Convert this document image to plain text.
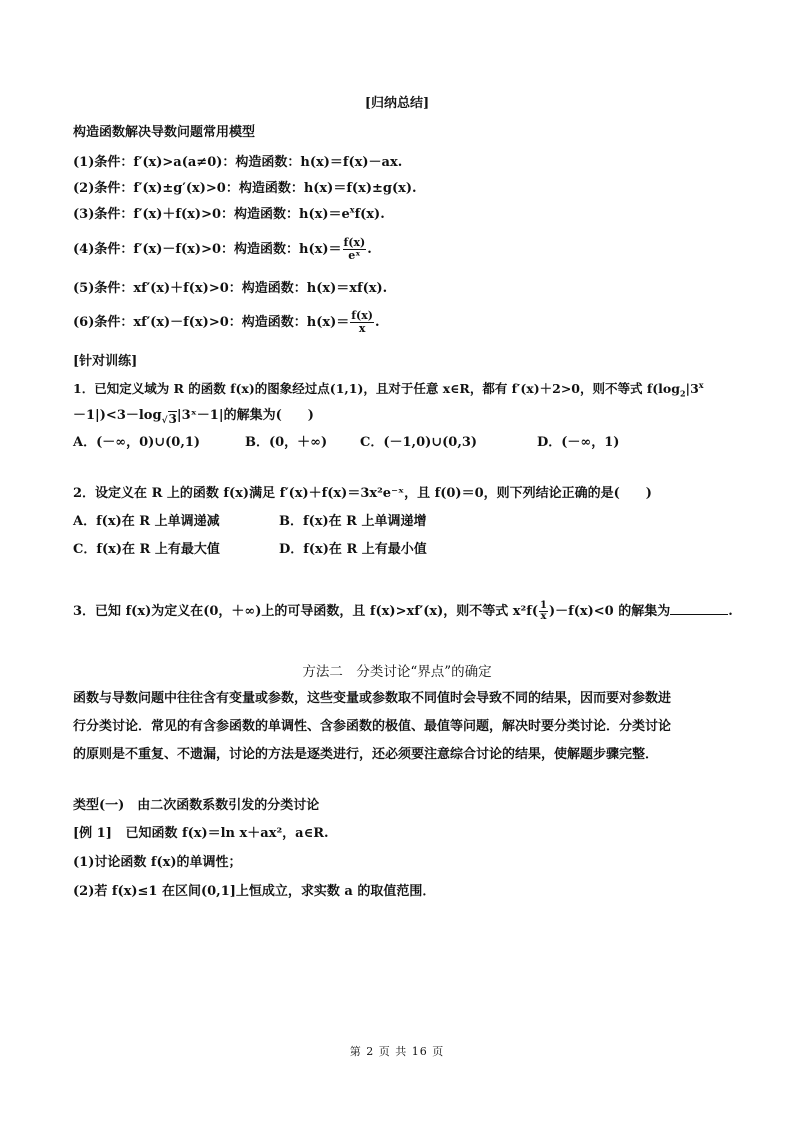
[归纳总结]
构造函数解决导数问题常用模型
(1)条件：f′(x)>a(a≠0)：构造函数：h(x)＝f(x)－ax.
(2)条件：f′(x)±g′(x)>0：构造函数：h(x)＝f(x)±g(x).
(3)条件：f′(x)＋f(x)>0：构造函数：$h(x)=e^xf(x)$.
(4)条件：f′(x)－f(x)>0：构造函数：$h(x)= \frac{f(x)}{\text{eˣ}}$ .
(5)条件：xf′(x)＋f(x)>0：构造函数：h(x)＝xf(x).
(6)条件：xf′(x)－f(x)>0：构造函数：$h(x)= \frac{f(x)}{x}$ .
[针对训练]
1．已知定义域为 R 的函数 f(x)的图象经过点(1,1)，且对于任意 x∈R，都有 f′(x)＋2>0，则不等式 $f(\log_2|3^x$
$-1|)<3-\log_{√3}|3ˣ-1|$的解集为(　　)
A．(－∞，0)∪(0,1)	B．(0，＋∞)	C．(－1,0)∪(0,3)	D．(－∞，1)
2．设定义在 R 上的函数 f(x)满足 f′(x)＋f(x)＝3x²e⁻ˣ，且 f(0)＝0，则下列结论正确的是(　　)
A．f(x)在 R 上单调递减	B．f(x)在 R 上单调递增
C．f(x)在 R 上有最大值	D．f(x)在 R 上有最小值
3．已知 f(x)为定义在(0，＋∞)上的可导函数，且 f(x)>xf′(x)，则不等式 $x^2f( \frac{1}{x} )-f(x)<0$ 的解集为	.
方法二　分类讨论“界点”的确定
函数与导数问题中往往含有变量或参数，这些变量或参数取不同值时会导致不同的结果，因而要对参数进
行分类讨论．常见的有含参函数的单调性、含参函数的极值、最值等问题，解决时要分类讨论．分类讨论
的原则是不重复、不遗漏，讨论的方法是逐类进行，还必须要注意综合讨论的结果，使解题步骤完整．
类型(一)　由二次函数系数引发的分类讨论
[例 1] 已知函数 f(x)＝ln x＋ax²，a∈R.
(1)讨论函数 f(x)的单调性；
(2)若 f(x)≤1 在区间(0,1]上恒成立，求实数 a 的取值范围．
第 2 页 共 16 页
